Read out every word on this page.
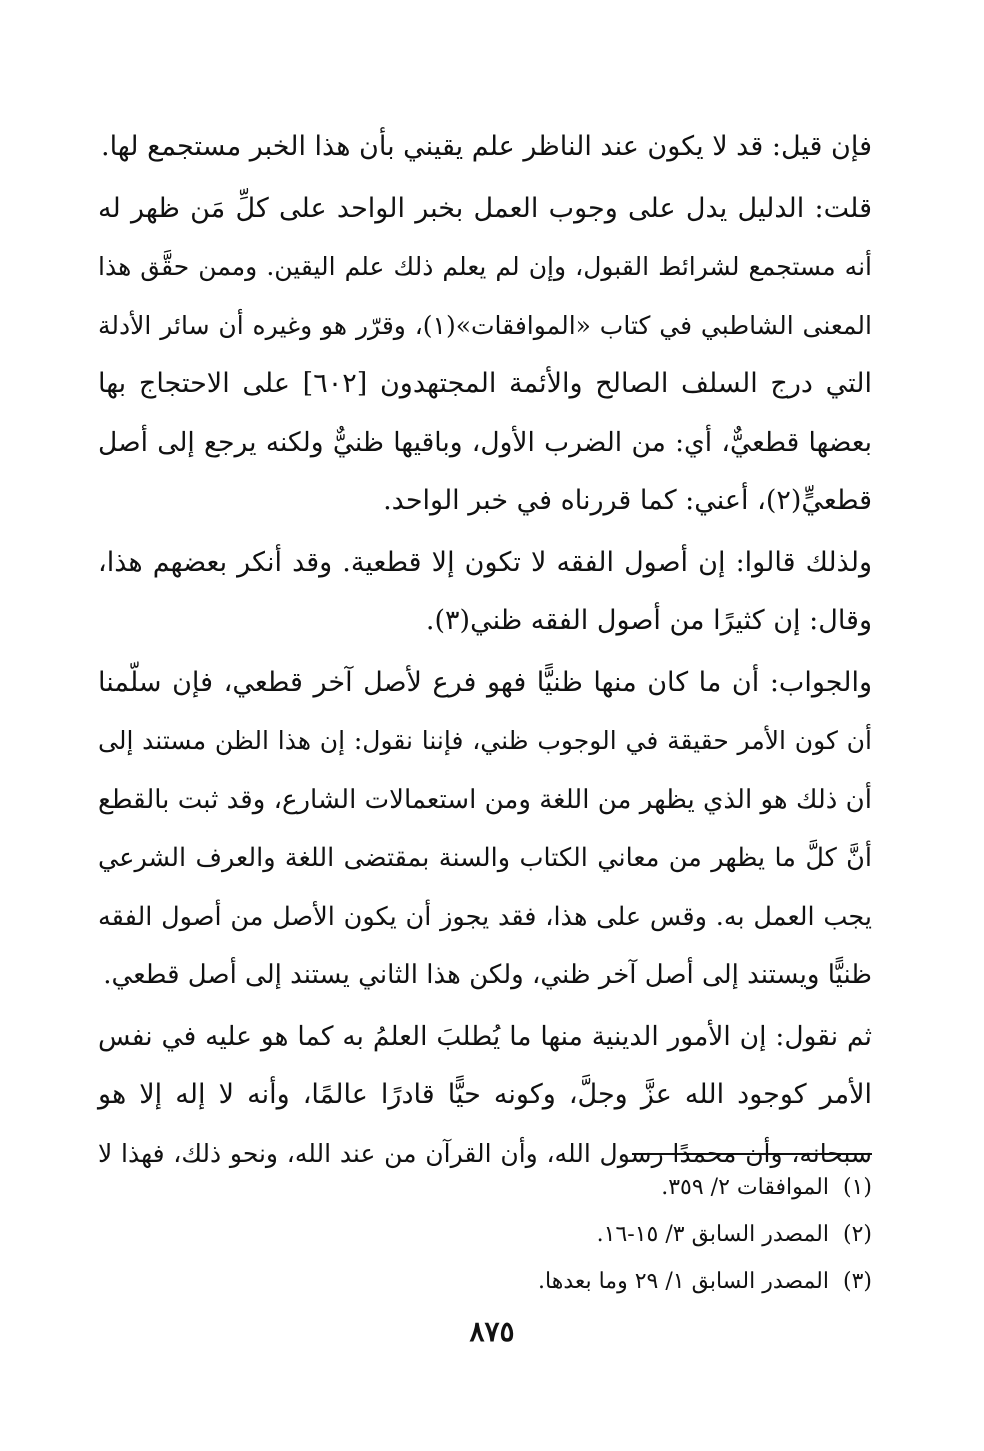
فإن قيل: قد لا يكون عند الناظر علم يقيني بأن هذا الخبر مستجمع لها.

قلت: الدليل يدل على وجوب العمل بخبر الواحد على كلِّ مَن ظهر له
أنه مستجمع لشرائط القبول، وإن لم يعلم ذلك علم اليقين. وممن حقَّق هذا
المعنى الشاطبي في كتاب «الموافقات»(١)، وقرّر هو وغيره أن سائر الأدلة
التي درج السلف الصالح والأئمة المجتهدون [٦٠٢] على الاحتجاج بها
بعضها قطعيٌّ، أي: من الضرب الأول، وباقيها ظنيٌّ ولكنه يرجع إلى أصل
قطعيٍّ(٢)، أعني: كما قررناه في خبر الواحد.

ولذلك قالوا: إن أصول الفقه لا تكون إلا قطعية. وقد أنكر بعضهم هذا،
وقال: إن كثيرًا من أصول الفقه ظني(٣).

والجواب: أن ما كان منها ظنيًّا فهو فرع لأصل آخر قطعي، فإن سلّمنا
أن كون الأمر حقيقة في الوجوب ظني، فإننا نقول: إن هذا الظن مستند إلى
أن ذلك هو الذي يظهر من اللغة ومن استعمالات الشارع، وقد ثبت بالقطع
أنَّ كلَّ ما يظهر من معاني الكتاب والسنة بمقتضى اللغة والعرف الشرعي
يجب العمل به. وقس على هذا، فقد يجوز أن يكون الأصل من أصول الفقه
ظنيًّا ويستند إلى أصل آخر ظني، ولكن هذا الثاني يستند إلى أصل قطعي.

ثم نقول: إن الأمور الدينية منها ما يُطلبَ العلمُ به كما هو عليه في نفس
الأمر كوجود الله عزَّ وجلَّ، وكونه حيًّا قادرًا عالمًا، وأنه لا إله إلا هو
سبحانه، وأن محمدًا رسول الله، وأن القرآن من عند الله، ونحو ذلك، فهذا لا

(١)الموافقات ٢/ ٣٥٩.
(٢)المصدر السابق ٣/ ١٥-١٦.
(٣)المصدر السابق ١/ ٢٩ وما بعدها.
٨٧٥
